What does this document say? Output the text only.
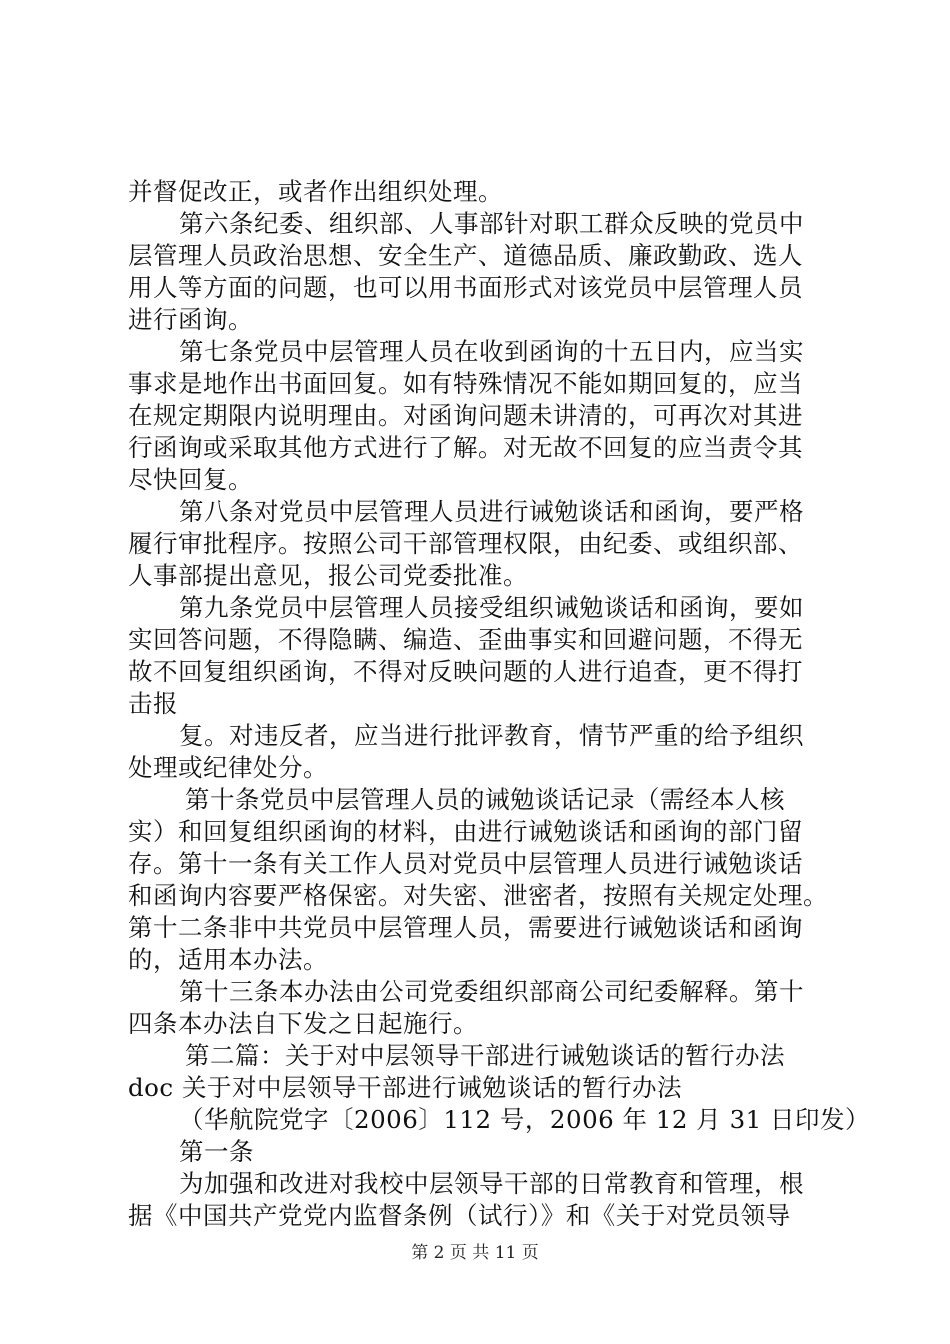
并督促改正，或者作出组织处理。
第六条纪委、组织部、人事部针对职工群众反映的党员中
层管理人员政治思想、安全生产、道德品质、廉政勤政、选人
用人等方面的问题，也可以用书面形式对该党员中层管理人员
进行函询。
第七条党员中层管理人员在收到函询的十五日内，应当实
事求是地作出书面回复。如有特殊情况不能如期回复的，应当
在规定期限内说明理由。对函询问题未讲清的，可再次对其进
行函询或采取其他方式进行了解。对无故不回复的应当责令其
尽快回复。
第八条对党员中层管理人员进行诫勉谈话和函询，要严格
履行审批程序。按照公司干部管理权限，由纪委、或组织部、
人事部提出意见，报公司党委批准。
第九条党员中层管理人员接受组织诫勉谈话和函询，要如
实回答问题，不得隐瞒、编造、歪曲事实和回避问题，不得无
故不回复组织函询，不得对反映问题的人进行追查，更不得打
击报
复。对违反者，应当进行批评教育，情节严重的给予组织
处理或纪律处分。
第十条党员中层管理人员的诫勉谈话记录（需经本人核
实）和回复组织函询的材料，由进行诫勉谈话和函询的部门留
存。第十一条有关工作人员对党员中层管理人员进行诫勉谈话
和函询内容要严格保密。对失密、泄密者，按照有关规定处理。
第十二条非中共党员中层管理人员，需要进行诫勉谈话和函询
的，适用本办法。
第十三条本办法由公司党委组织部商公司纪委解释。第十
四条本办法自下发之日起施行。
第二篇：关于对中层领导干部进行诫勉谈话的暂行办法
doc 关于对中层领导干部进行诫勉谈话的暂行办法
（华航院党字〔2006〕112 号，2006 年 12 月 31 日印发）
第一条
为加强和改进对我校中层领导干部的日常教育和管理，根
据《中国共产党党内监督条例（试行）》和《关于对党员领导
第 2 页 共 11 页
